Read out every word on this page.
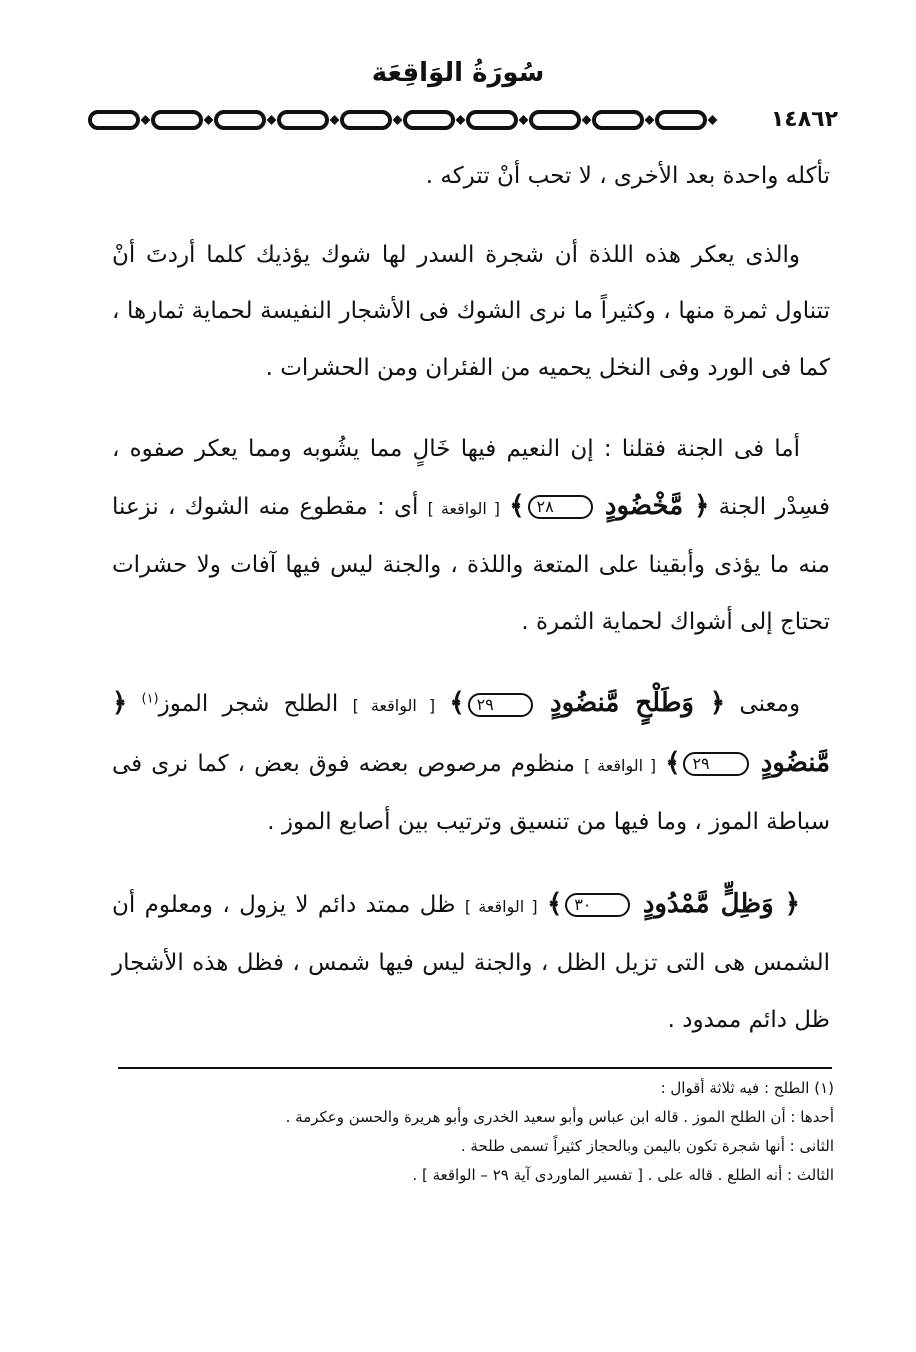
سُورَةُ الوَاقِعَة
١٤٨٦٢

تأكله واحدة بعد الأخرى ، لا تحب أنْ تتركه .

والذى يعكر هذه اللذة أن شجرة السدر لها شوك يؤذيك كلما أردتَ أنْ تتناول ثمرة منها ، وكثيراً ما نرى الشوك فى الأشجار النفيسة لحماية ثمارها ، كما فى الورد وفى النخل يحميه من الفئران ومن الحشرات .

أما فى الجنة فقلنا : إن النعيم فيها خَالٍ مما يشُوبه ومما يعكر صفوه ، فسِدْر الجنة ﴿ مَّخْضُودٍ ٢٨﴾ [ الواقعة ] أى : مقطوع منه الشوك ، نزعنا منه ما يؤذى وأبقينا على المتعة واللذة ، والجنة ليس فيها آفات ولا حشرات تحتاج إلى أشواك لحماية الثمرة .

ومعنى ﴿ وَطَلْحٍ مَّنضُودٍ ٢٩﴾ [ الواقعة ] الطلح شجر الموز$^{(١)}$ ﴿ مَّنضُودٍ ٢٩﴾ [ الواقعة ] منظوم مرصوص بعضه فوق بعض ، كما نرى فى سباطة الموز ، وما فيها من تنسيق وترتيب بين أصابع الموز .

﴿ وَظِلٍّ مَّمْدُودٍ ٣٠﴾ [ الواقعة ] ظل ممتد دائم لا يزول ، ومعلوم أن الشمس هى التى تزيل الظل ، والجنة ليس فيها شمس ، فظل هذه الأشجار ظل دائم ممدود .

(١) الطلح : فيه ثلاثة أقوال :

أحدها : أن الطلح الموز . قاله ابن عباس وأبو سعيد الخدرى وأبو هريرة والحسن وعكرمة .

الثانى : أنها شجرة تكون باليمن وبالحجاز كثيراً تسمى طلحة .

الثالث : أنه الطلع . قاله على . [ تفسير الماوردى آية ٢٩ – الواقعة ] .
